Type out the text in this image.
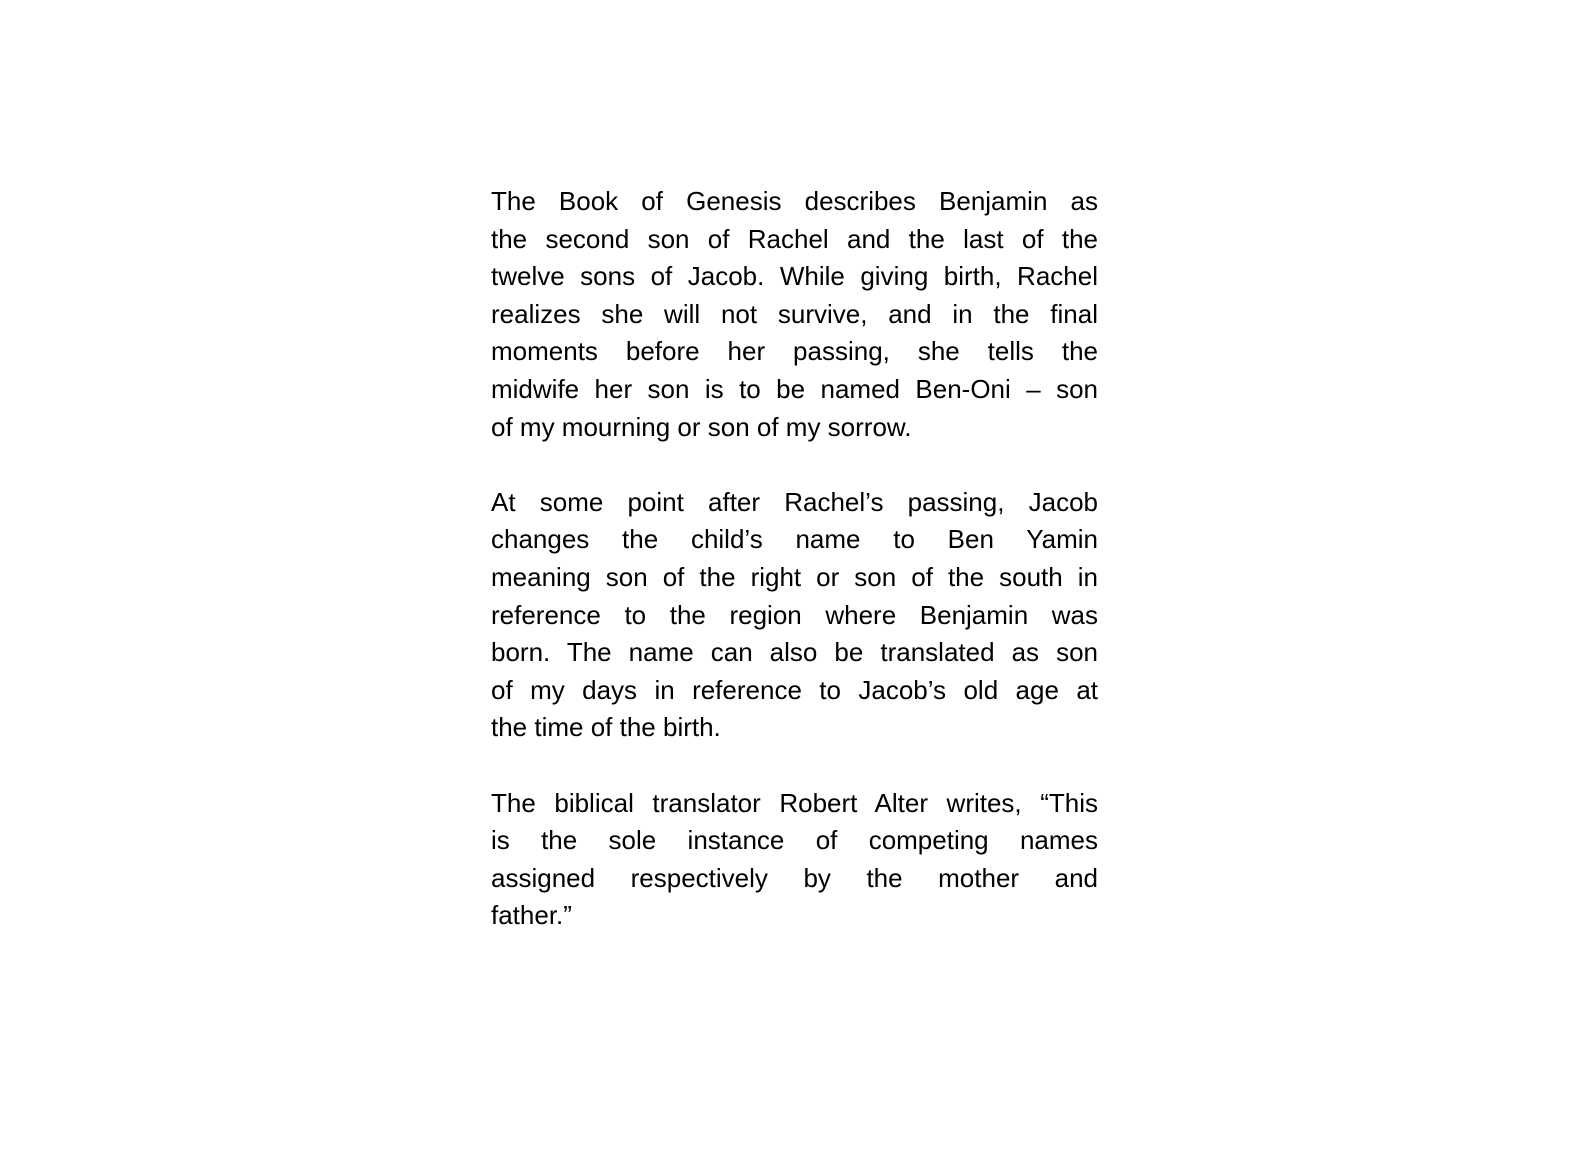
The Book of Genesis describes Benjamin as
the second son of Rachel and the last of the
twelve sons of Jacob. While giving birth, Rachel
realizes she will not survive, and in the final
moments before her passing, she tells the
midwife her son is to be named Ben-Oni – son
of my mourning or son of my sorrow.

At some point after Rachel’s passing, Jacob
changes the child’s name to Ben Yamin
meaning son of the right or son of the south in
reference to the region where Benjamin was
born. The name can also be translated as son
of my days in reference to Jacob’s old age at
the time of the birth.

The biblical translator Robert Alter writes, “This
is the sole instance of competing names
assigned respectively by the mother and
father.”
